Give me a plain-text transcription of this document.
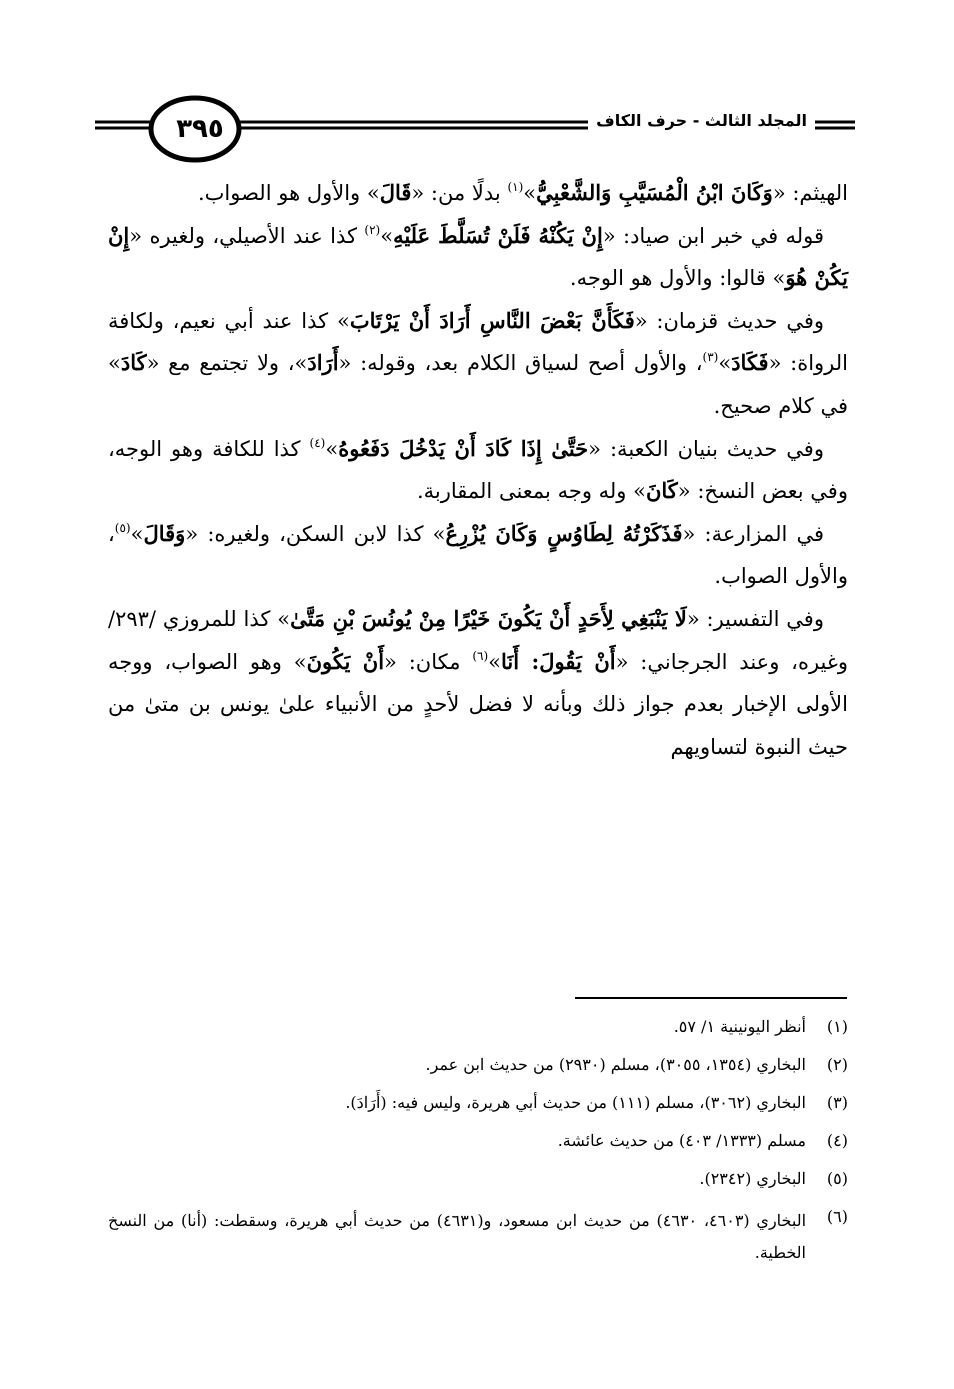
٣٩٥	المجلد الثالث - حرف الكاف

الهيثم: «وَكَانَ ابْنُ الْمُسَيَّبِ وَالشَّعْبِيُّ»$^{(١)}$ بدلًا من: «قَالَ» والأول هو الصواب.

قوله في خبر ابن صياد: «إِنْ يَكُنْهُ فَلَنْ تُسَلَّطَ عَلَيْهِ»$^{(٢)}$ كذا عند الأصيلي، ولغيره «إِنْ يَكُنْ هُوَ» قالوا: والأول هو الوجه.

وفي حديث قزمان: «فَكَأَنَّ بَعْضَ النَّاسِ أَرَادَ أَنْ يَرْتَابَ» كذا عند أبي نعيم، ولكافة الرواة: «فَكَادَ»$^{(٣)}$، والأول أصح لسياق الكلام بعد، وقوله: «أَرَادَ»، ولا تجتمع مع «كَادَ» في كلام صحيح.

وفي حديث بنيان الكعبة: «حَتَّىٰ إِذَا كَادَ أَنْ يَدْخُلَ دَفَعُوهُ»$^{(٤)}$ كذا للكافة وهو الوجه، وفي بعض النسخ: «كَانَ» وله وجه بمعنى المقاربة.

في المزارعة: «فَذَكَرْتُهُ لِطَاوُسٍ وَكَانَ يُزْرِعُ» كذا لابن السكن، ولغيره: «وَقَالَ»$^{(٥)}$، والأول الصواب.

وفي التفسير: «لَا يَنْبَغِي لِأَحَدٍ أَنْ يَكُونَ خَيْرًا مِنْ يُونُسَ بْنِ مَتَّىٰ» كذا للمروزي /٢٩٣/ وغيره، وعند الجرجاني: «أَنْ يَقُولَ: أَنَا»$^{(٦)}$ مكان: «أَنْ يَكُونَ» وهو الصواب، ووجه الأولى الإخبار بعدم جواز ذلك وبأنه لا فضل لأحدٍ من الأنبياء علىٰ يونس بن متىٰ من حيث النبوة لتساويهم

(١)
أنظر اليونينية ١/ ٥٧.
(٢)
البخاري (١٣٥٤، ٣٠٥٥)، مسلم (٢٩٣٠) من حديث ابن عمر.
(٣)
البخاري (٣٠٦٢)، مسلم (١١١) من حديث أبي هريرة، وليس فيه: (أَرَادَ).
(٤)
مسلم (١٣٣٣/ ٤٠٣) من حديث عائشة.
(٥)
البخاري (٢٣٤٢).
(٦)
البخاري (٤٦٠٣، ٤٦٣٠) من حديث ابن مسعود، و(٤٦٣١) من حديث أبي هريرة، وسقطت: (أنا) من النسخ الخطية.
